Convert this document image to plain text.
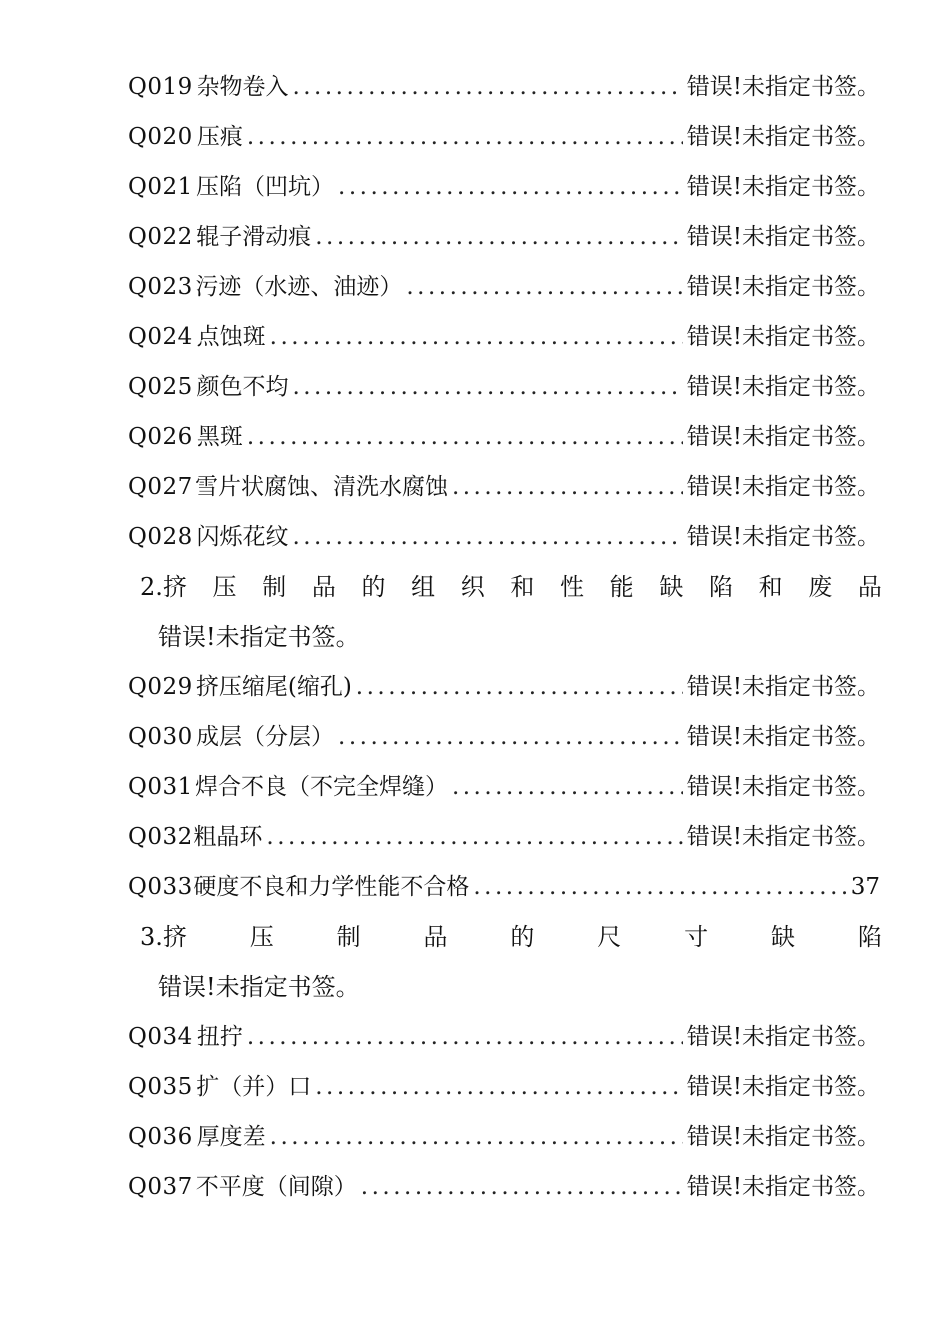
Q019 杂物卷入 .....	错误!未指定书签。
Q020 压痕 .....	错误!未指定书签。
Q021 压陷（凹坑） .....	错误!未指定书签。
Q022 辊子滑动痕 .....	错误!未指定书签。
Q023 污迹（水迹、油迹） .....	错误!未指定书签。
Q024 点蚀斑 .....	错误!未指定书签。
Q025 颜色不均 .....	错误!未指定书签。
Q026 黑斑 .....	错误!未指定书签。
Q027 雪片状腐蚀、清洗水腐蚀 .....	错误!未指定书签。
Q028 闪烁花纹 .....	错误!未指定书签。
2.挤 压 制 品 的 组 织 和 性 能 缺 陷 和 废 品
错误!未指定书签。
Q029 挤压缩尾(缩孔) .....	错误!未指定书签。
Q030 成层（分层） .....	错误!未指定书签。
Q031 焊合不良（不完全焊缝） .....	错误!未指定书签。
Q032 粗晶环 .....	错误!未指定书签。
Q033 硬度不良和力学性能不合格 .....	37
3.挤	压	制	品	的	尺	寸	缺	陷
错误!未指定书签。
Q034 扭拧 .....	错误!未指定书签。
Q035 扩（并）口 .....	错误!未指定书签。
Q036 厚度差 .....	错误!未指定书签。
Q037 不平度（间隙） .....	错误!未指定书签。
